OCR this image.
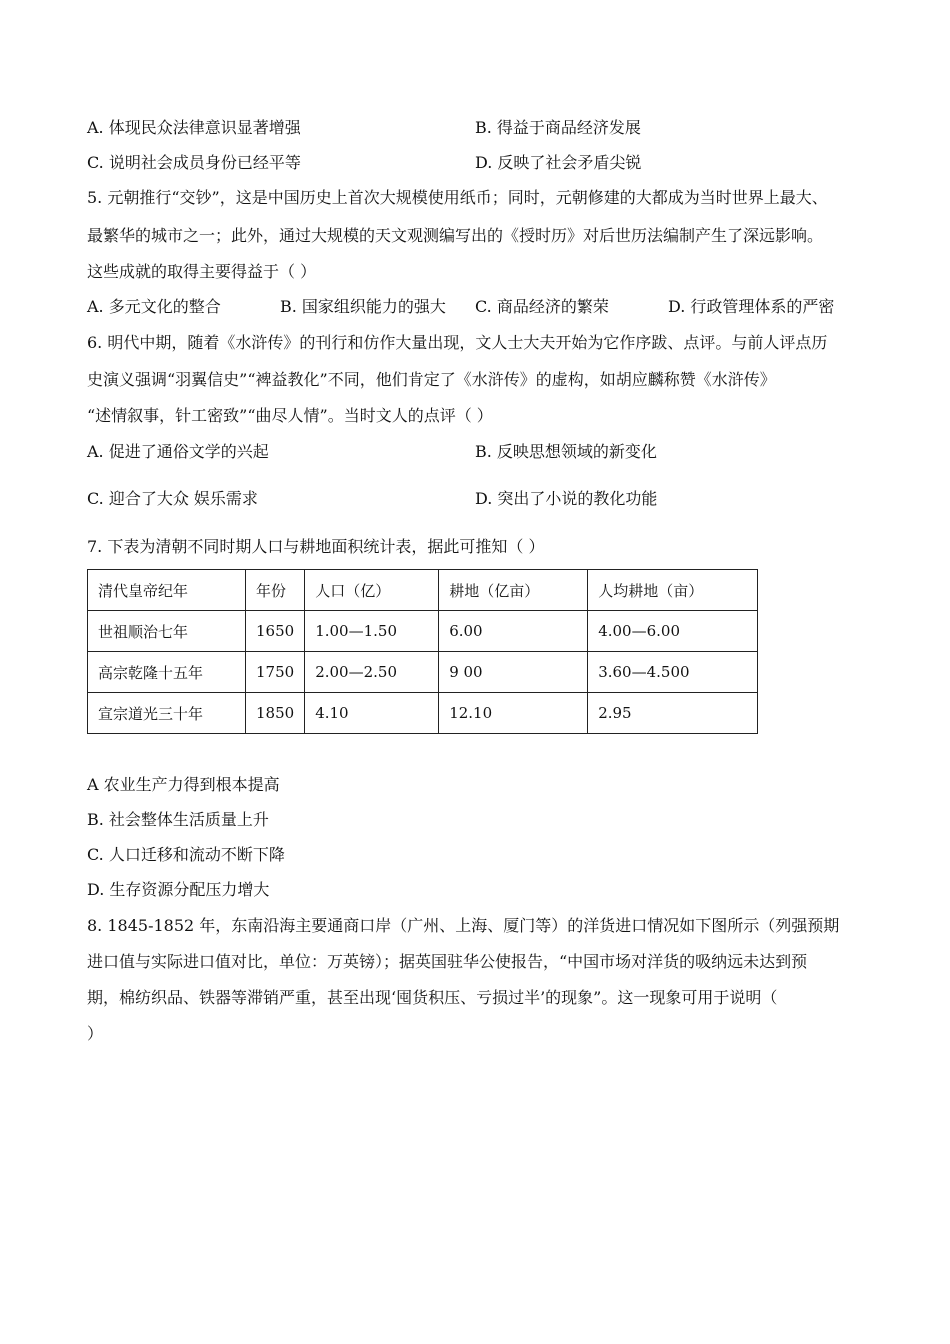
A. 体现民众法律意识显著增强	B. 得益于商品经济发展
C. 说明社会成员身份已经平等	D. 反映了社会矛盾尖锐
5. 元朝推行“交钞”，这是中国历史上首次大规模使用纸币；同时，元朝修建的大都成为当时世界上最大、
最繁华的城市之一；此外，通过大规模的天文观测编写出的《授时历》对后世历法编制产生了深远影响。
这些成就的取得主要得益于（ ）
A. 多元文化的整合	B. 国家组织能力的强大 C. 商品经济的繁荣	D. 行政管理体系的严密
6. 明代中期，随着《水浒传》的刊行和仿作大量出现，文人士大夫开始为它作序跋、点评。与前人评点历
史演义强调“羽翼信史”“裨益教化”不同，他们肯定了《水浒传》的虚构，如胡应麟称赞《水浒传》
“述情叙事，针工密致”“曲尽人情”。当时文人的点评（ ）
A. 促进了通俗文学的兴起	B. 反映思想领域的新变化
C. 迎合了大众 娱乐需求	D. 突出了小说的教化功能
7. 下表为清朝不同时期人口与耕地面积统计表，据此可推知（ ）
清代皇帝纪年	年份	人口（亿）	耕地（亿亩）	人均耕地（亩）
世祖顺治七年	1650	1.00—1.50	6.00	4.00—6.00
高宗乾隆十五年	1750	2.00—2.50	9 00	3.60—4.500
宣宗道光三十年	1850	4.10	12.10	2.95
A 农业生产力得到根本提高
B. 社会整体生活质量上升
C. 人口迁移和流动不断下降
D. 生存资源分配压力增大
8. 1845-1852 年，东南沿海主要通商口岸（广州、上海、厦门等）的洋货进口情况如下图所示（列强预期
进口值与实际进口值对比，单位：万英镑）；据英国驻华公使报告，“中国市场对洋货的吸纳远未达到预
期，棉纺织品、铁器等滞销严重，甚至出现‘囤货积压、亏损过半’的现象”。这一现象可用于说明（
）
